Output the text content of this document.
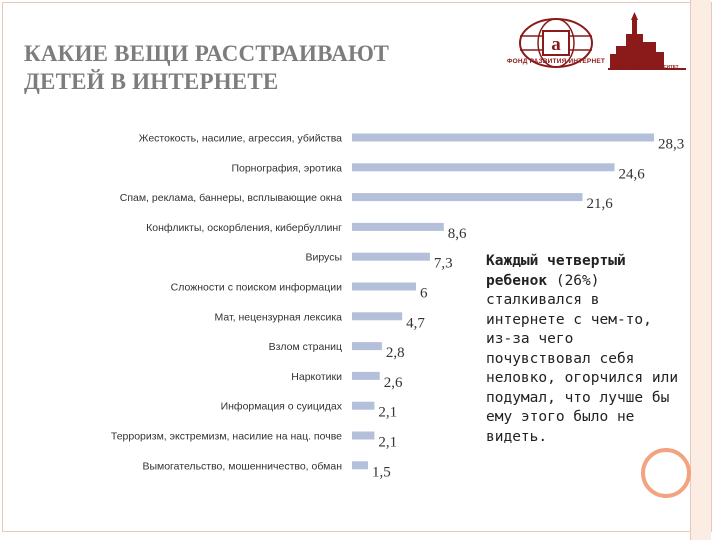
КАКИЕ ВЕЩИ РАССТРАИВАЮТ
ДЕТЕЙ В ИНТЕРНЕТЕ
а
ФОНД РАЗВИТИЯ ИНТЕРНЕТ
МОСКОВСКИЙ УНИВЕРСИТЕТ
Жестокость, насилие, агрессия, убийства
Порнография, эротика
Спам, реклама, баннеры, всплывающие окна
Конфликты, оскорбления, кибербуллинг
Вирусы
Сложности с поиском информации
Мат, нецензурная лексика
Взлом страниц
Наркотики
Информация о суицидах
Терроризм, экстремизм, насилие на нац. почве
Вымогательство, мошенничество, обман
28,3
24,6
21,6
8,6
7,3
6
4,7
2,8
2,6
2,1
2,1
1,5
Каждый четвертый ребенок (26%) сталкивался в интернете с чем-то, из-за чего почувствовал себя неловко, огорчился или подумал, что лучше бы ему этого было не видеть.
